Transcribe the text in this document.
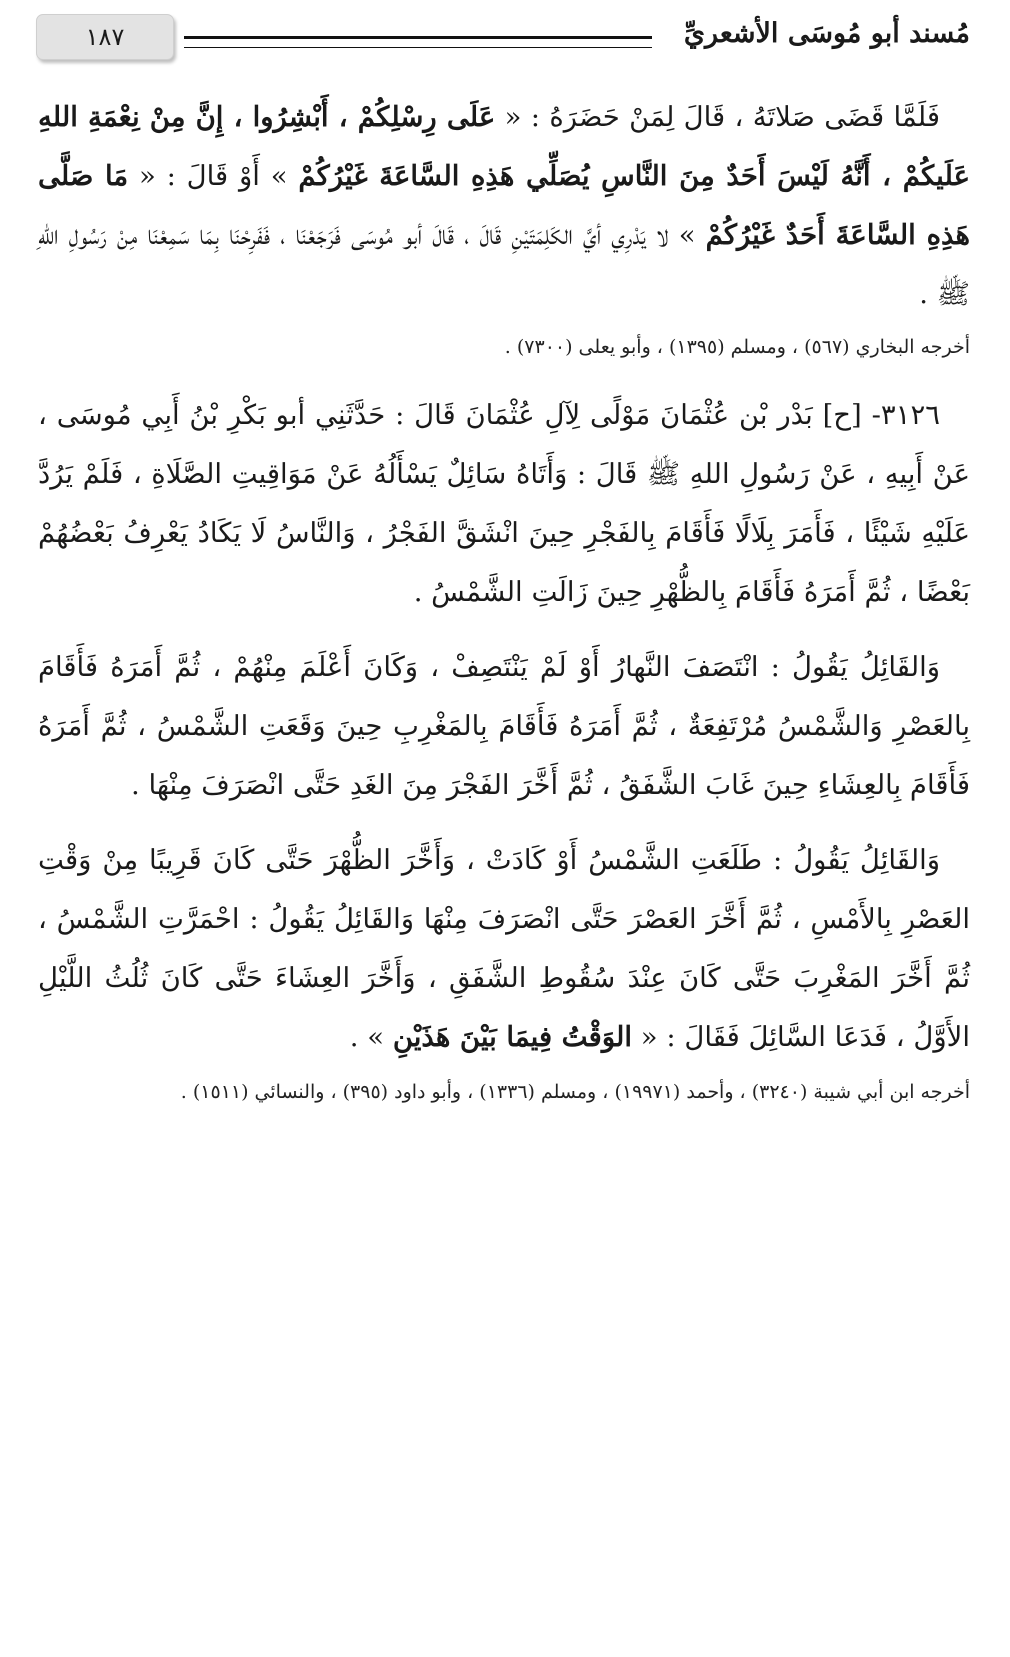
مُسند أبو مُوسَى الأشعريِّ
١٨٧

فَلَمَّا قَضَى صَلاتَهُ ، قَالَ لِمَنْ حَضَرَهُ : « عَلَى رِسْلِكُمْ ، أَبْشِرُوا ، إِنَّ مِنْ نِعْمَةِ اللهِ عَلَيكُمْ ، أَنَّهُ لَيْسَ أَحَدٌ مِنَ النَّاسِ يُصَلِّي هَذِهِ السَّاعَةَ غَيْرُكُمْ » أَوْ قَالَ : « مَا صَلَّى هَذِهِ السَّاعَةَ أَحَدٌ غَيْرُكُمْ » لا يَدْرِي أيَّ الكَلِمَتَيْنِ قَالَ ، قَالَ أبو مُوسَى فَرَجَعْنَا ، فَفَرِحْنَا بِمَا سَمِعْنَا مِنْ رَسُولِ اللهِ ﷺ .

أخرجه البخاري (٥٦٧) ، ومسلم (١٣٩٥) ، وأبو يعلى (٧٣٠٠) .

٣١٢٦- [ح] بَدْر بْن عُثْمَانَ مَوْلًى لِآلِ عُثْمَانَ قَالَ : حَدَّثَنِي أبو بَكْرِ بْنُ أَبِي مُوسَى ، عَنْ أَبِيهِ ، عَنْ رَسُولِ اللهِ ﷺ قَالَ : وَأَتَاهُ سَائِلٌ يَسْأَلُهُ عَنْ مَوَاقِيتِ الصَّلَاةِ ، فَلَمْ يَرُدَّ عَلَيْهِ شَيْئًا ، فَأَمَرَ بِلَالًا فَأَقَامَ بِالفَجْرِ حِينَ انْشَقَّ الفَجْرُ ، وَالنَّاسُ لَا يَكَادُ يَعْرِفُ بَعْضُهُمْ بَعْضًا ، ثُمَّ أَمَرَهُ فَأَقَامَ بِالظُّهْرِ حِينَ زَالَتِ الشَّمْسُ .

وَالقَائِلُ يَقُولُ : انْتَصَفَ النَّهارُ أَوْ لَمْ يَنْتَصِفْ ، وَكَانَ أَعْلَمَ مِنْهُمْ ، ثُمَّ أَمَرَهُ فَأَقَامَ بِالعَصْرِ وَالشَّمْسُ مُرْتَفِعَةٌ ، ثُمَّ أَمَرَهُ فَأَقَامَ بِالمَغْرِبِ حِينَ وَقَعَتِ الشَّمْسُ ، ثُمَّ أَمَرَهُ فَأَقَامَ بِالعِشَاءِ حِينَ غَابَ الشَّفَقُ ، ثُمَّ أَخَّرَ الفَجْرَ مِنَ الغَدِ حَتَّى انْصَرَفَ مِنْهَا .

وَالقَائِلُ يَقُولُ : طَلَعَتِ الشَّمْسُ أَوْ كَادَتْ ، وَأَخَّرَ الظُّهْرَ حَتَّى كَانَ قَرِيبًا مِنْ وَقْتِ العَصْرِ بِالأَمْسِ ، ثُمَّ أَخَّرَ العَصْرَ حَتَّى انْصَرَفَ مِنْهَا وَالقَائِلُ يَقُولُ : احْمَرَّتِ الشَّمْسُ ، ثُمَّ أَخَّرَ المَغْرِبَ حَتَّى كَانَ عِنْدَ سُقُوطِ الشَّفَقِ ، وَأَخَّرَ العِشَاءَ حَتَّى كَانَ ثُلُثُ اللَّيْلِ الأَوَّلُ ، فَدَعَا السَّائِلَ فَقَالَ : « الوَقْتُ فِيمَا بَيْنَ هَذَيْنِ » .

أخرجه ابن أبي شيبة (٣٢٤٠) ، وأحمد (١٩٩٧١) ، ومسلم (١٣٣٦) ، وأبو داود (٣٩٥) ، والنسائي (١٥١١) .
